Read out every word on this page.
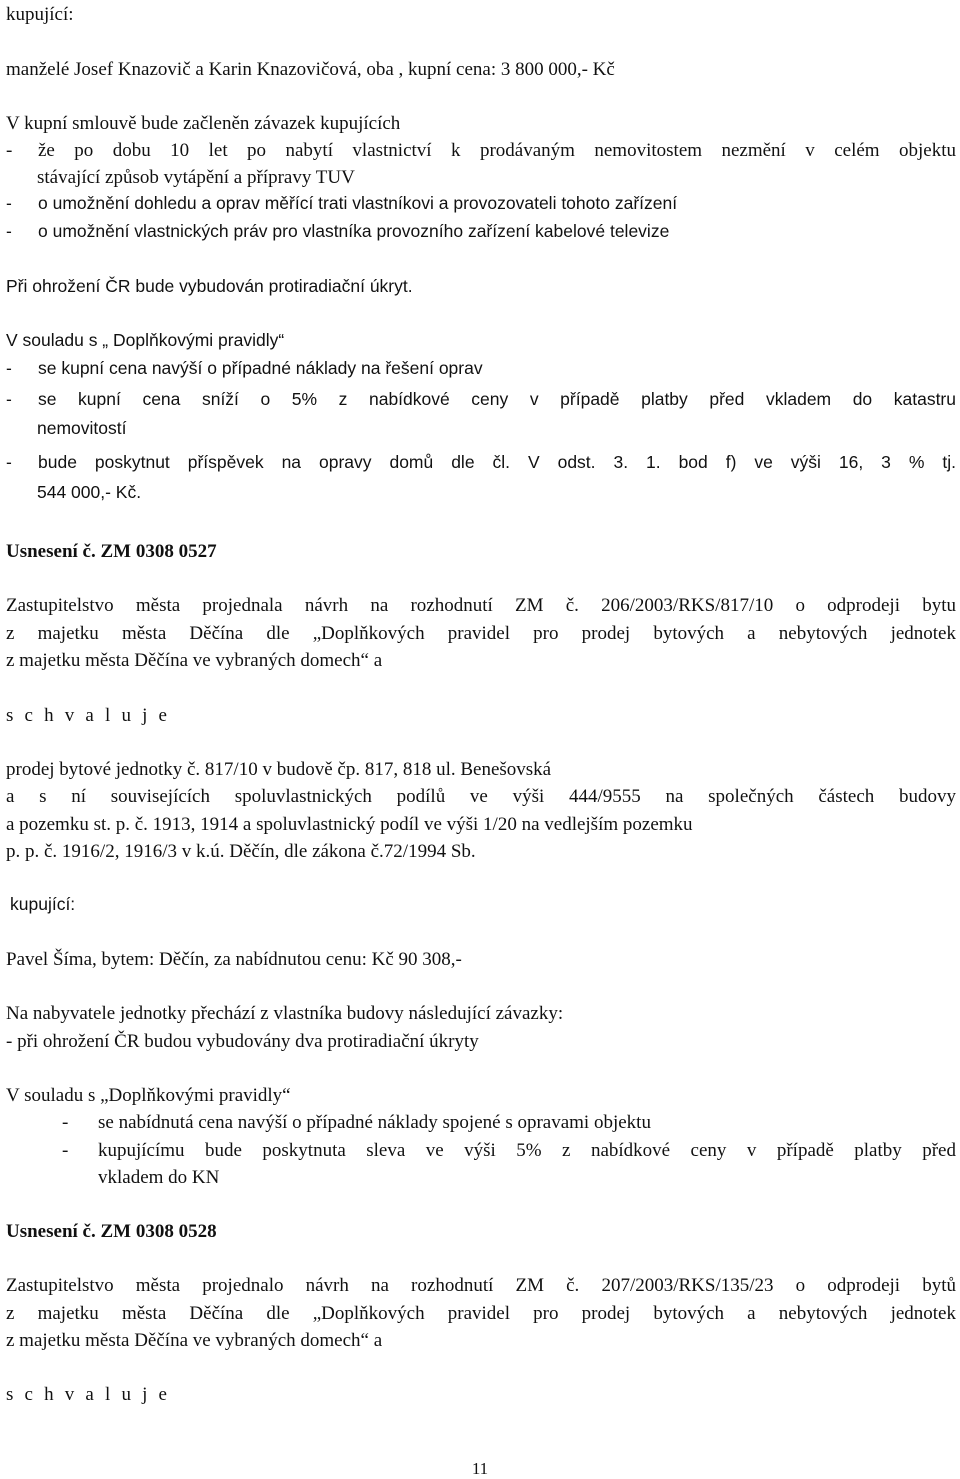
kupující:
manželé Josef Knazovič a Karin Knazovičová, oba , kupní cena: 3 800 000,- Kč
V kupní smlouvě bude začleněn závazek kupujících
- že po dobu 10 let po nabytí vlastnictví k prodávaným nemovitostem nezmění v celém objektu
stávající způsob vytápění a přípravy TUV
- o umožnění dohledu a oprav měřící trati vlastníkovi a provozovateli tohoto zařízení
- o umožnění vlastnických práv pro vlastníka provozního zařízení kabelové televize
Při ohrožení ČR bude vybudován protiradiační úkryt.
V souladu s „ Doplňkovými pravidly“
- se kupní cena navýší o případné náklady na řešení oprav
- se kupní cena sníží o 5% z nabídkové ceny v případě platby před vkladem do katastru
nemovitostí
- bude poskytnut příspěvek na opravy domů dle čl. V odst. 3. 1. bod f) ve výši 16, 3 % tj.
544 000,- Kč.
Usnesení č. ZM 0308 0527
Zastupitelstvo města projednala návrh na rozhodnutí ZM č. 206/2003/RKS/817/10 o odprodeji bytu
z majetku města Děčína dle „Doplňkových pravidel pro prodej bytových a nebytových jednotek
z majetku města Děčína ve vybraných domech“ a
s c h v a l u j e
prodej bytové jednotky č. 817/10 v budově čp. 817, 818 ul. Benešovská
a s ní souvisejících spoluvlastnických podílů ve výši 444/9555 na společných částech budovy
a pozemku st. p. č. 1913, 1914 a spoluvlastnický podíl ve výši 1/20 na vedlejším pozemku
p. p. č. 1916/2, 1916/3 v k.ú. Děčín, dle zákona č.72/1994 Sb.
kupující:
Pavel Šíma, bytem: Děčín, za nabídnutou cenu: Kč 90 308,-
Na nabyvatele jednotky přechází z vlastníka budovy následující závazky:
- při ohrožení ČR budou vybudovány dva protiradiační úkryty
V souladu s „Doplňkovými pravidly“
- se nabídnutá cena navýší o případné náklady spojené s opravami objektu
- kupujícímu bude poskytnuta sleva ve výši 5% z nabídkové ceny v případě platby před
vkladem do KN
Usnesení č. ZM 0308 0528
Zastupitelstvo města projednalo návrh na rozhodnutí ZM č. 207/2003/RKS/135/23 o odprodeji bytů
z majetku města Děčína dle „Doplňkových pravidel pro prodej bytových a nebytových jednotek
z majetku města Děčína ve vybraných domech“ a
s c h v a l u j e
11
